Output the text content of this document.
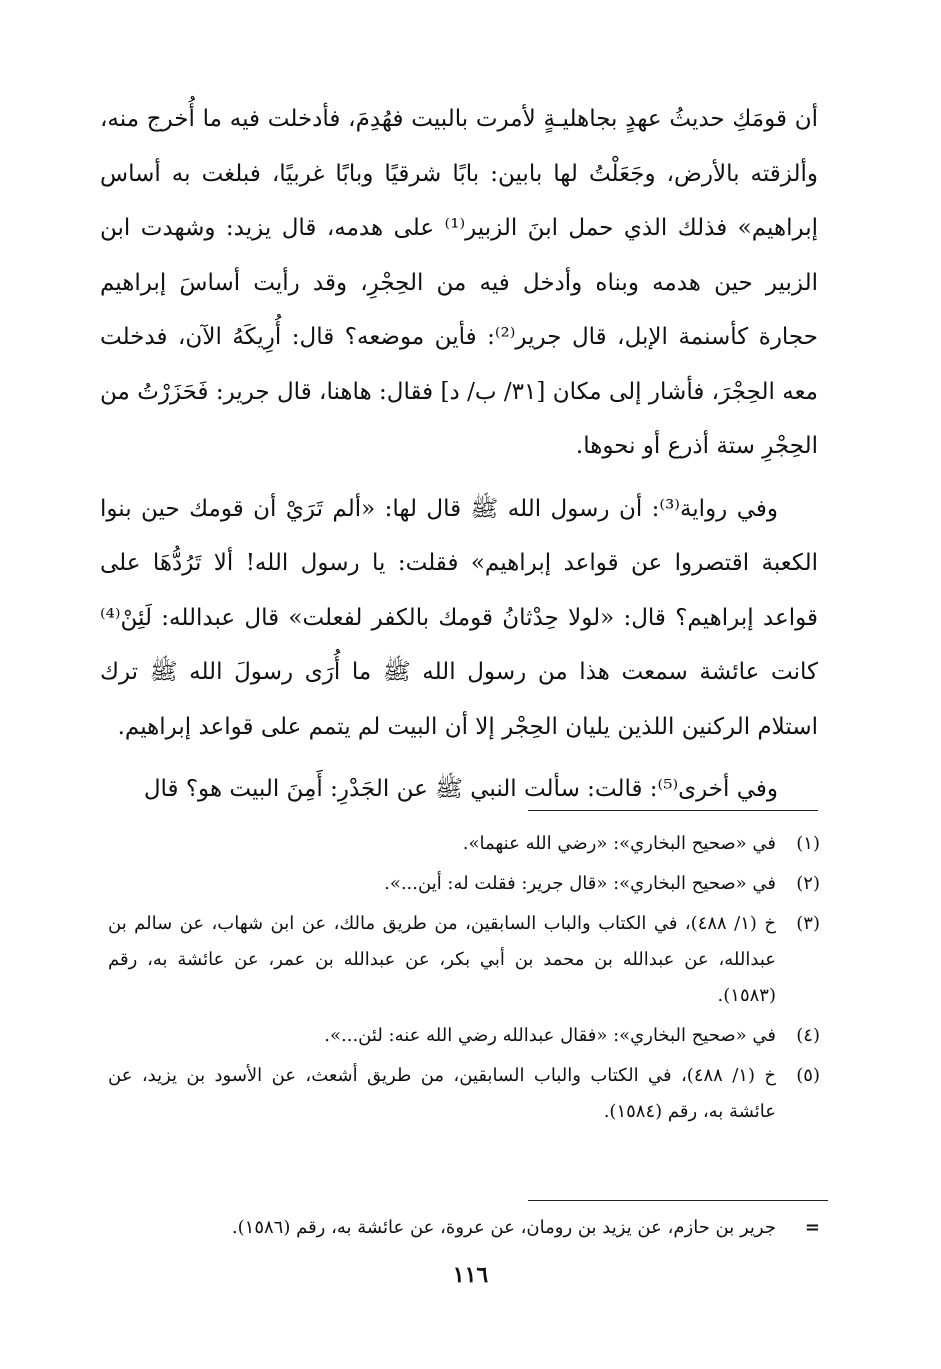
أن قومَكِ حديثُ عهدٍ بجاهليـةٍ لأمرت بالبيت فهُدِمَ، فأدخلت فيه ما أُخرج منه، وألزقته بالأرض، وجَعَلْتُ لها بابين: بابًا شرقيًا وبابًا غربيًا، فبلغت به أساس إبراهيم» فذلك الذي حمل ابنَ الزبير⁽¹⁾ على هدمه، قال يزيد: وشهدت ابن الزبير حين هدمه وبناه وأدخل فيه من الحِجْرِ، وقد رأيت أساسَ إبراهيم حجارة كأسنمة الإبل، قال جرير⁽²⁾: فأين موضعه؟ قال: أُرِيكَهُ الآن، فدخلت معه الحِجْرَ، فأشار إلى مكان [٣١/ ب/ د] فقال: هاهنا، قال جرير: فَحَزَرْتُ من الحِجْرِ ستة أذرع أو نحوها.

وفي رواية⁽³⁾: أن رسول الله ﷺ قال لها: «ألم تَرَيْ أن قومك حين بنوا الكعبة اقتصروا عن قواعد إبراهيم» فقلت: يا رسول الله! ألا تَرُدُّهَا على قواعد إبراهيم؟ قال: «لولا حِدْثانُ قومك بالكفر لفعلت» قال عبدالله: لَئِنْ⁽⁴⁾ كانت عائشة سمعت هذا من رسول الله ﷺ ما أُرَى رسولَ الله ﷺ ترك استلام الركنين اللذين يليان الحِجْر إلا أن البيت لم يتمم على قواعد إبراهيم.

وفي أخرى⁽⁵⁾: قالت: سألت النبي ﷺ عن الجَدْرِ: أَمِنَ البيت هو؟ قال

(١)
في «صحيح البخاري»: «رضي الله عنهما».
(٢)
في «صحيح البخاري»: «قال جرير: فقلت له: أين...».
(٣)
خ (١/ ٤٨٨)، في الكتاب والباب السابقين، من طريق مالك، عن ابن شهاب، عن سالم بن عبدالله، عن عبدالله بن محمد بن أبي بكر، عن عبدالله بن عمر، عن عائشة به، رقم (١٥٨٣).
(٤)
في «صحيح البخاري»: «فقال عبدالله رضي الله عنه: لئن...».
(٥)
خ (١/ ٤٨٨)، في الكتاب والباب السابقين، من طريق أشعث، عن الأسود بن يزيد، عن عائشة به، رقم (١٥٨٤).
=
جرير بن حازم، عن يزيد بن رومان، عن عروة، عن عائشة به، رقم (١٥٨٦).
١١٦
